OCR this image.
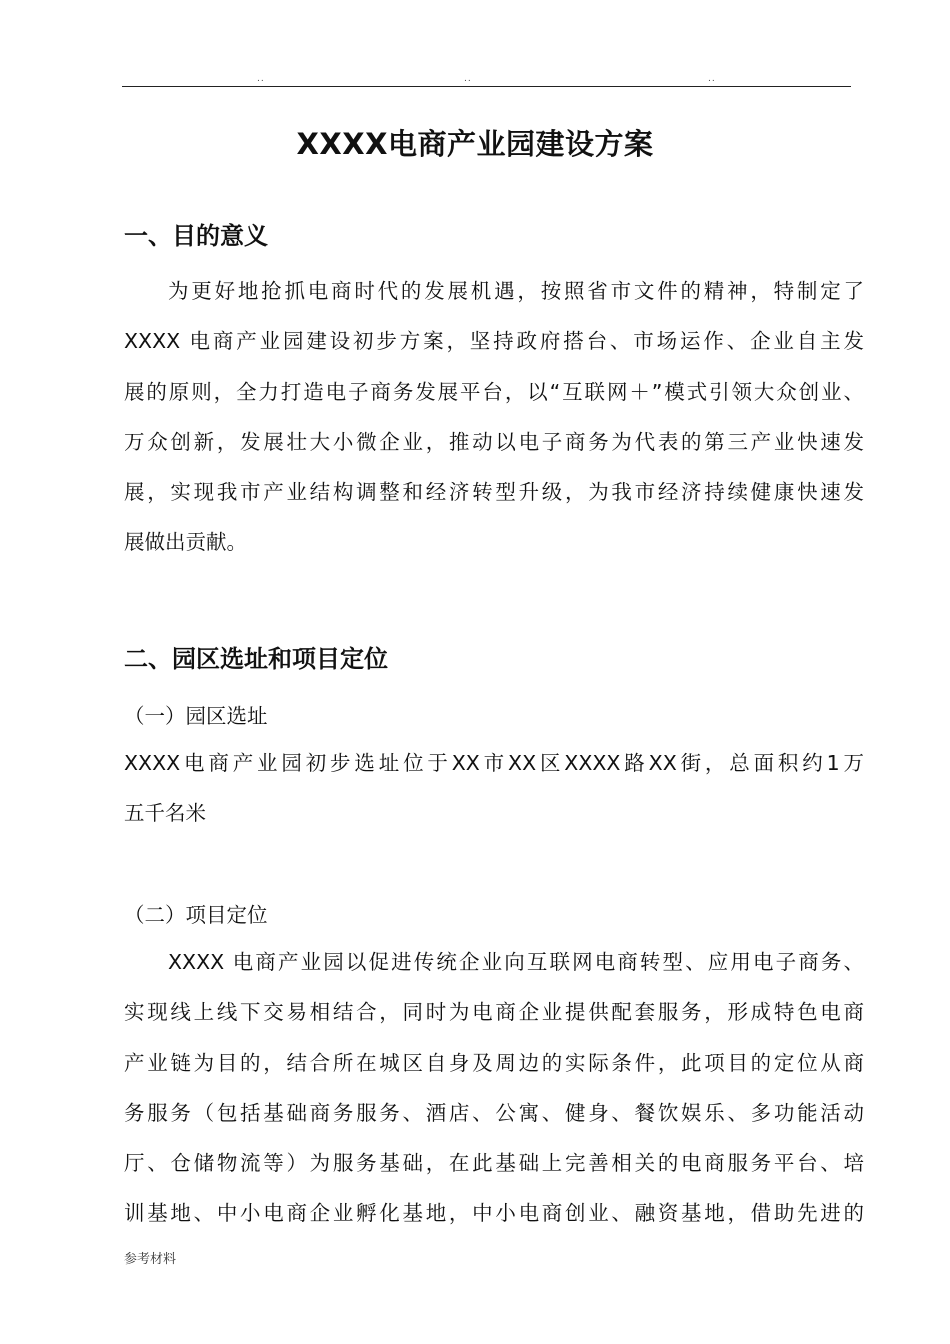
..	..	..
XXXX电商产业园建设方案
一、目的意义
为更好地抢抓电商时代的发展机遇，按照省市文件的精神，特制定了
XXXX 电商产业园建设初步方案，坚持政府搭台、市场运作、企业自主发
展的原则，全力打造电子商务发展平台，以“互联网＋”模式引领大众创业、
万众创新，发展壮大小微企业，推动以电子商务为代表的第三产业快速发
展，实现我市产业结构调整和经济转型升级，为我市经济持续健康快速发
展做出贡献。
二、园区选址和项目定位
（一）园区选址
XXXX电商产业园初步选址位于XX市XX区XXXX路XX街，总面积约1万
五千名米
（二）项目定位
XXXX 电商产业园以促进传统企业向互联网电商转型、应用电子商务、
实现线上线下交易相结合，同时为电商企业提供配套服务，形成特色电商
产业链为目的，结合所在城区自身及周边的实际条件，此项目的定位从商
务服务（包括基础商务服务、酒店、公寓、健身、餐饮娱乐、多功能活动
厅、仓储物流等）为服务基础，在此基础上完善相关的电商服务平台、培
训基地、中小电商企业孵化基地，中小电商创业、融资基地，借助先进的
参考材料
